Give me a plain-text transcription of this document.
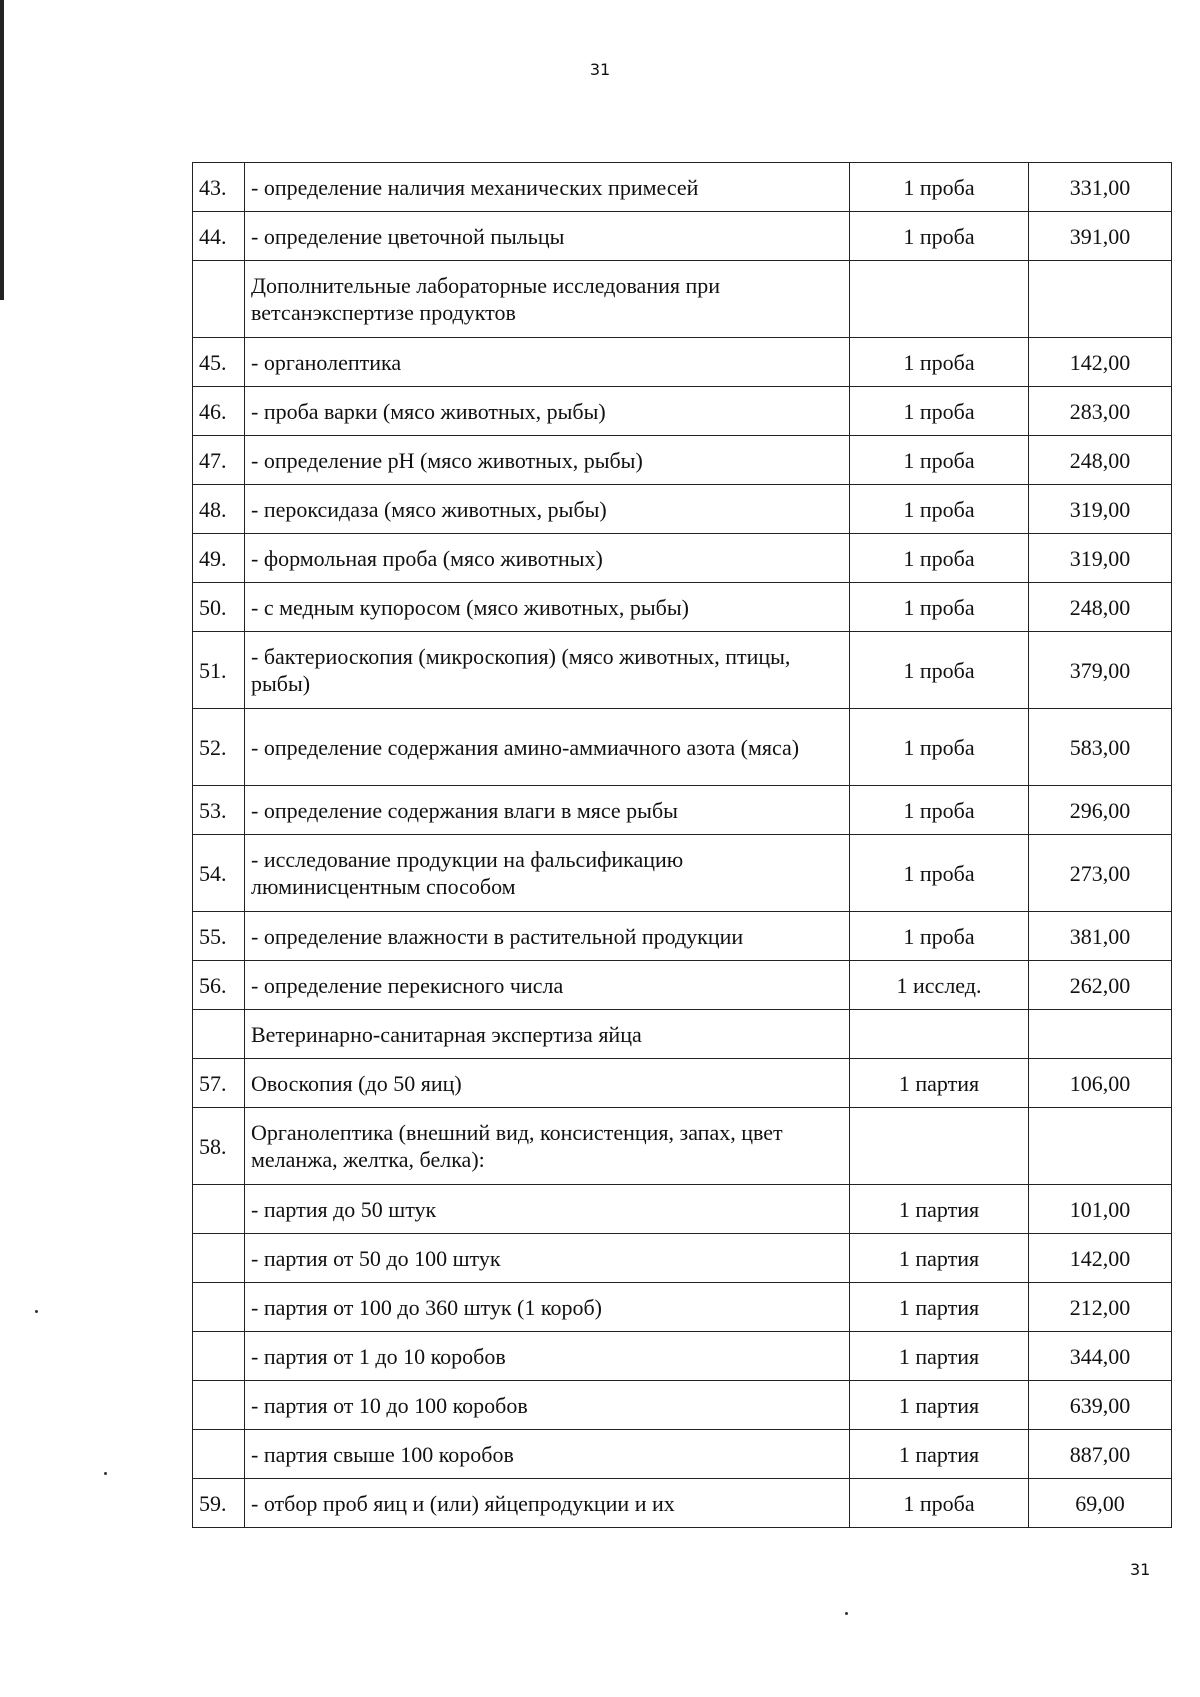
31
43.	- определение наличия механических примесей	1 проба	331,00
44.	- определение цветочной пыльцы	1 проба	391,00
	Дополнительные лабораторные исследования при ветсанэкспертизе продуктов		
45.	- органолептика	1 проба	142,00
46.	- проба варки (мясо животных, рыбы)	1 проба	283,00
47.	- определение pH (мясо животных, рыбы)	1 проба	248,00
48.	- пероксидаза (мясо животных, рыбы)	1 проба	319,00
49.	- формольная проба (мясо животных)	1 проба	319,00
50.	- с медным купоросом (мясо животных, рыбы)	1 проба	248,00
51.	- бактериоскопия (микроскопия) (мясо животных, птицы, рыбы)	1 проба	379,00
52.	- определение содержания амино-аммиачного азота (мяса)	1 проба	583,00
53.	- определение содержания влаги в мясе рыбы	1 проба	296,00
54.	- исследование продукции на фальсификацию люминисцентным способом	1 проба	273,00
55.	- определение влажности в растительной продукции	1 проба	381,00
56.	- определение перекисного числа	1 исслед.	262,00
	Ветеринарно-санитарная экспертиза яйца		
57.	Овоскопия (до 50 яиц)	1 партия	106,00
58.	Органолептика (внешний вид, консистенция, запах, цвет меланжа, желтка, белка):		
	- партия до 50 штук	1 партия	101,00
	- партия от 50 до 100 штук	1 партия	142,00
	- партия от 100 до 360 штук (1 короб)	1 партия	212,00
	- партия от 1 до 10 коробов	1 партия	344,00
	- партия от 10 до 100 коробов	1 партия	639,00
	- партия свыше 100 коробов	1 партия	887,00
59.	- отбор проб яиц и (или) яйцепродукции и их	1 проба	69,00
31
